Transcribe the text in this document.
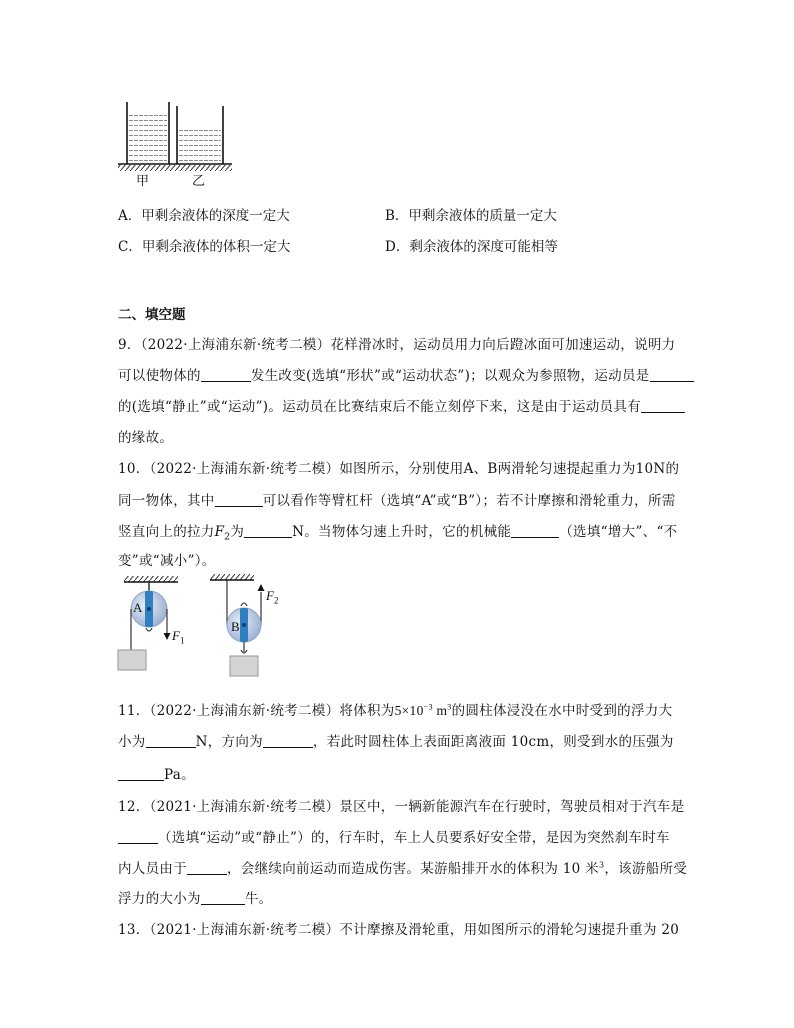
甲	乙
A．甲剩余液体的深度一定大	B．甲剩余液体的质量一定大
C．甲剩余液体的体积一定大	D．剩余液体的深度可能相等
二、填空题
9．（2022·上海浦东新·统考二模）花样滑冰时，运动员用力向后蹬冰面可加速运动，说明力
可以使物体的	发生改变(选填“形状”或“运动状态”)；以观众为参照物，运动员是
的(选填“静止”或“运动”)。运动员在比赛结束后不能立刻停下来，这是由于运动员具有
的缘故。
10．（2022·上海浦东新·统考二模）如图所示，分别使用A、B两滑轮匀速提起重力为10N的
同一物体，其中	可以看作等臂杠杆（选填“A”或“B”）；若不计摩擦和滑轮重力，所需
竖直向上的拉力$F_2$为	N。当物体匀速上升时，它的机械能	（选填“增大”、“不
变”或“减小”）。
A
B
$F_1$
$F_2$
11．（2022·上海浦东新·统考二模）将体积为$5\times 10^{-3}$ $m^3$的圆柱体浸没在水中时受到的浮力大
小为	N，方向为	，若此时圆柱体上表面距离液面 10cm，则受到水的压强为
Pa。
12．（2021·上海浦东新·统考二模）景区中，一辆新能源汽车在行驶时，驾驶员相对于汽车是
（选填“运动”或“静止”）的，行车时，车上人员要系好安全带，是因为突然刹车时车
内人员由于	，会继续向前运动而造成伤害。某游船排开水的体积为 10 米$^3$，该游船所受
浮力的大小为	牛。
13．（2021·上海浦东新·统考二模）不计摩擦及滑轮重，用如图所示的滑轮匀速提升重为 20
